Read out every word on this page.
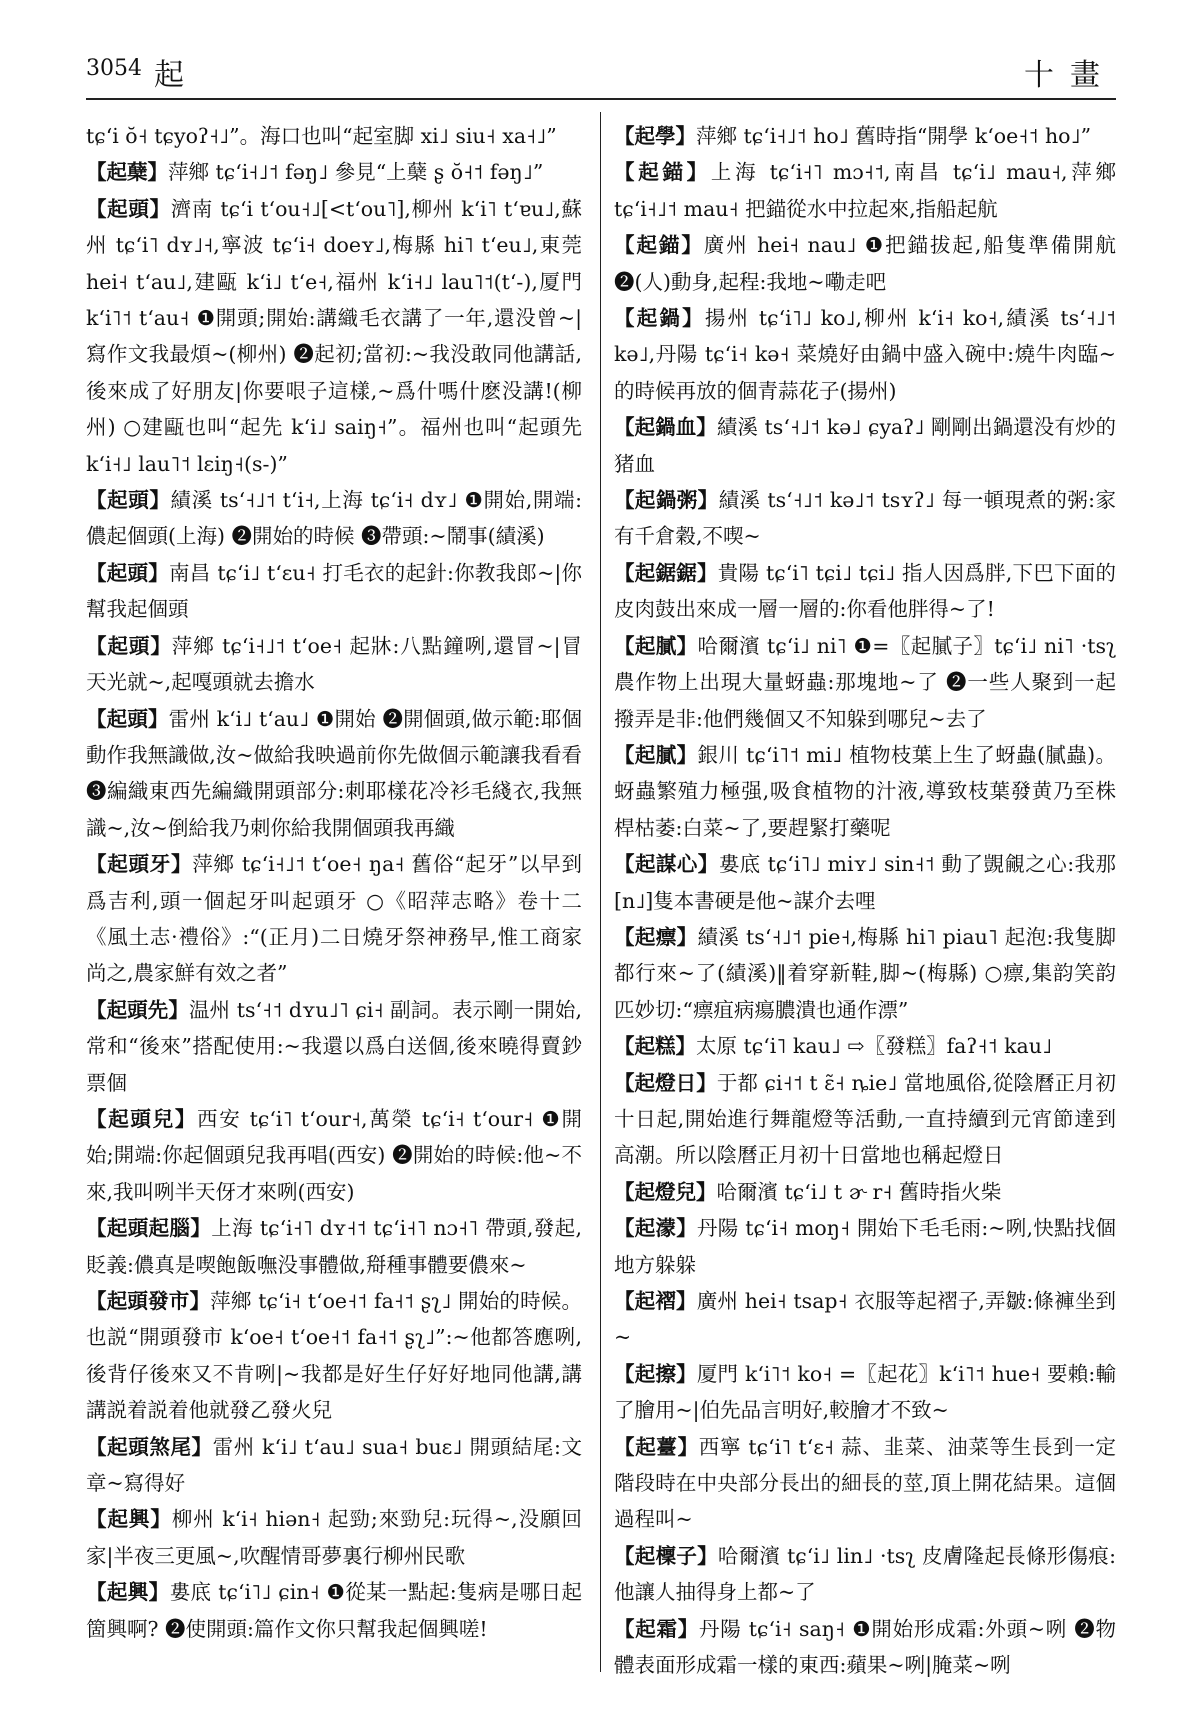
3054 起	十畫

tɕʻi ŏ˧ tɕyoʔ˧˩”。海口也叫“起室脚 xi˩ siu˧ xa˧˩”

【起蘖】萍鄉 tɕʻi˧˩˦ fəŋ˩ 參見“上蘖 ʂ ŏ˧˦ fəŋ˩”

【起頭】濟南 tɕʻi tʻou˧˩[<tʻou˥],柳州 kʻi˥ tʻɐu˩,蘇州 tɕʻi˥ dʏ˩˧,寧波 tɕʻi˧ doeʏ˩,梅縣 hi˥ tʻeu˩,東莞 hei˧ tʻau˩,建甌 kʻi˩ tʻe˧,福州 kʻi˧˩ lau˥˦(tʻ-),厦門 kʻi˥˦ tʻau˧ ❶開頭;開始:講織毛衣講了一年,還没曾~|寫作文我最煩~(柳州) ❷起初;當初:~我没敢同他講話,後來成了好朋友|你要哏子這樣,~爲什嗎什麽没講!(柳州) ○建甌也叫“起先 kʻi˩ saiŋ˧”。福州也叫“起頭先 kʻi˧˩ lau˥˦ lɛiŋ˧(s-)”

【起頭】績溪 tsʻ˧˩˦ tʻi˧,上海 tɕʻi˧ dʏ˩ ❶開始,開端:儂起個頭(上海) ❷開始的時候 ❸帶頭:~鬧事(績溪)

【起頭】南昌 tɕʻi˩ tʻɛu˧ 打毛衣的起針:你教我郎~|你幫我起個頭

【起頭】萍鄉 tɕʻi˧˩˦ tʻoe˧ 起牀:八點鐘咧,還冒~|冒天光就~,起嘎頭就去擔水

【起頭】雷州 kʻi˩ tʻau˩ ❶開始 ❷開個頭,做示範:耶個動作我無識做,汝~做給我映過前你先做個示範讓我看看 ❸編織東西先編織開頭部分:刺耶樣花冷衫毛綫衣,我無識~,汝~倒給我乃刺你給我開個頭我再織

【起頭牙】萍鄉 tɕʻi˧˩˦ tʻoe˧ ŋa˧ 舊俗“起牙”以早到爲吉利,頭一個起牙叫起頭牙 ○《昭萍志略》卷十二《風土志·禮俗》:“(正月)二日燒牙祭神務早,惟工商家尚之,農家鮮有效之者”

【起頭先】温州 tsʻ˧˦ dʏu˩˥ ɕi˧ 副詞。表示剛一開始,常和“後來”搭配使用:~我還以爲白送個,後來曉得賣鈔票個

【起頭兒】西安 tɕʻi˥ tʻour˧,萬榮 tɕʻi˧ tʻour˧ ❶開始;開端:你起個頭兒我再唱(西安) ❷開始的時候:他~不來,我叫咧半天伢才來咧(西安)

【起頭起腦】上海 tɕʻi˧˥ dʏ˧˦ tɕʻi˧˥ nɔ˧˥ 帶頭,發起,貶義:儂真是喫飽飯嘸没事體做,搿種事體要儂來~

【起頭發市】萍鄉 tɕʻi˧ tʻoe˧˦ fa˧˦ ʂʅ˩ 開始的時候。也説“開頭發市 kʻoe˧ tʻoe˧˦ fa˧˦ ʂʅ˩”:~他都答應咧,後背仔後來又不肯咧|~我都是好生仔好好地同他講,講講説着説着他就發乙發火兒

【起頭煞尾】雷州 kʻi˩ tʻau˩ sua˧ buɛ˩ 開頭結尾:文章~寫得好

【起興】柳州 kʻi˧ hiən˧ 起勁;來勁兒:玩得~,没願回家|半夜三更風~,吹醒情哥夢裏行柳州民歌

【起興】婁底 tɕʻi˥˩ ɕin˧ ❶從某一點起:隻病是哪日起箇興啊? ❷使開頭:篇作文你只幫我起個興嗟!

【起學】萍鄉 tɕʻi˧˩˦ ho˩ 舊時指“開學 kʻoe˧˦ ho˩”

【起錨】上海 tɕʻi˧˥ mɔ˧˦,南昌 tɕʻi˩ mau˧,萍鄉 tɕʻi˧˩˦ mau˧ 把錨從水中拉起來,指船起航

【起錨】廣州 hei˧ nau˩ ❶把錨拔起,船隻準備開航 ❷(人)動身,起程:我地~嘞走吧

【起鍋】揚州 tɕʻi˥˩ ko˩,柳州 kʻi˧ ko˧,績溪 tsʻ˧˩˦ kə˩,丹陽 tɕʻi˧ kə˧ 菜燒好由鍋中盛入碗中:燒牛肉臨~的時候再放的個青蒜花子(揚州)

【起鍋血】績溪 tsʻ˧˩˦ kə˩ ɕyaʔ˩ 剛剛出鍋還没有炒的猪血

【起鍋粥】績溪 tsʻ˧˩˦ kə˩˦ tsʏʔ˩ 每一頓現煮的粥:家有千倉穀,不喫~

【起鋸鋸】貴陽 tɕʻi˥ tɕi˩ tɕi˩ 指人因爲胖,下巴下面的皮肉鼓出來成一層一層的:你看他胖得~了!

【起膩】哈爾濱 tɕʻi˩ ni˥ ❶=〖起膩子〗tɕʻi˩ ni˥ ·tsʅ 農作物上出現大量蚜蟲:那塊地~了 ❷一些人聚到一起撥弄是非:他們幾個又不知躲到哪兒~去了

【起膩】銀川 tɕʻi˥˦ mi˩ 植物枝葉上生了蚜蟲(膩蟲)。蚜蟲繁殖力極强,吸食植物的汁液,導致枝葉發黄乃至株桿枯萎:白菜~了,要趕緊打藥呢

【起謀心】婁底 tɕʻi˥˩ miʏ˩ sin˧˦ 動了覬覦之心:我那[n˩]隻本書硬是他~謀介去哩

【起瘭】績溪 tsʻ˧˩˦ pie˧,梅縣 hi˥ piau˥ 起泡:我隻脚都行來~了(績溪)‖着穿新鞋,脚~(梅縣) ○瘭,集韵笑韵匹妙切:“瘭疽病瘍膿潰也通作漂”

【起糕】太原 tɕʻi˥ kau˩ ⇨〖發糕〗faʔ˧˦ kau˩

【起燈日】于都 ɕi˧˦ t ɛ̃˧ ȵie˩ 當地風俗,從陰曆正月初十日起,開始進行舞龍燈等活動,一直持續到元宵節達到高潮。所以陰曆正月初十日當地也稱起燈日

【起燈兒】哈爾濱 tɕʻi˩ t ɚ r˧ 舊時指火柴

【起濛】丹陽 tɕʻi˧ moŋ˧ 開始下毛毛雨:~咧,快點找個地方躲躲

【起褶】廣州 hei˧ tsap˧ 衣服等起褶子,弄皺:條褲坐到~

【起擦】厦門 kʻi˥˦ ko˧ =〖起花〗kʻi˥˦ hue˧ 要賴:輸了膾用~|伯先品言明好,較膾才不致~

【起薹】西寧 tɕʻi˥ tʻɛ˧ 蒜、韭菜、油菜等生長到一定階段時在中央部分長出的細長的莖,頂上開花結果。這個過程叫~

【起檁子】哈爾濱 tɕʻi˩ lin˩ ·tsʅ 皮膚隆起長條形傷痕:他讓人抽得身上都~了

【起霜】丹陽 tɕʻi˧ saŋ˧ ❶開始形成霜:外頭~咧 ❷物體表面形成霜一樣的東西:蘋果~咧|腌菜~咧
